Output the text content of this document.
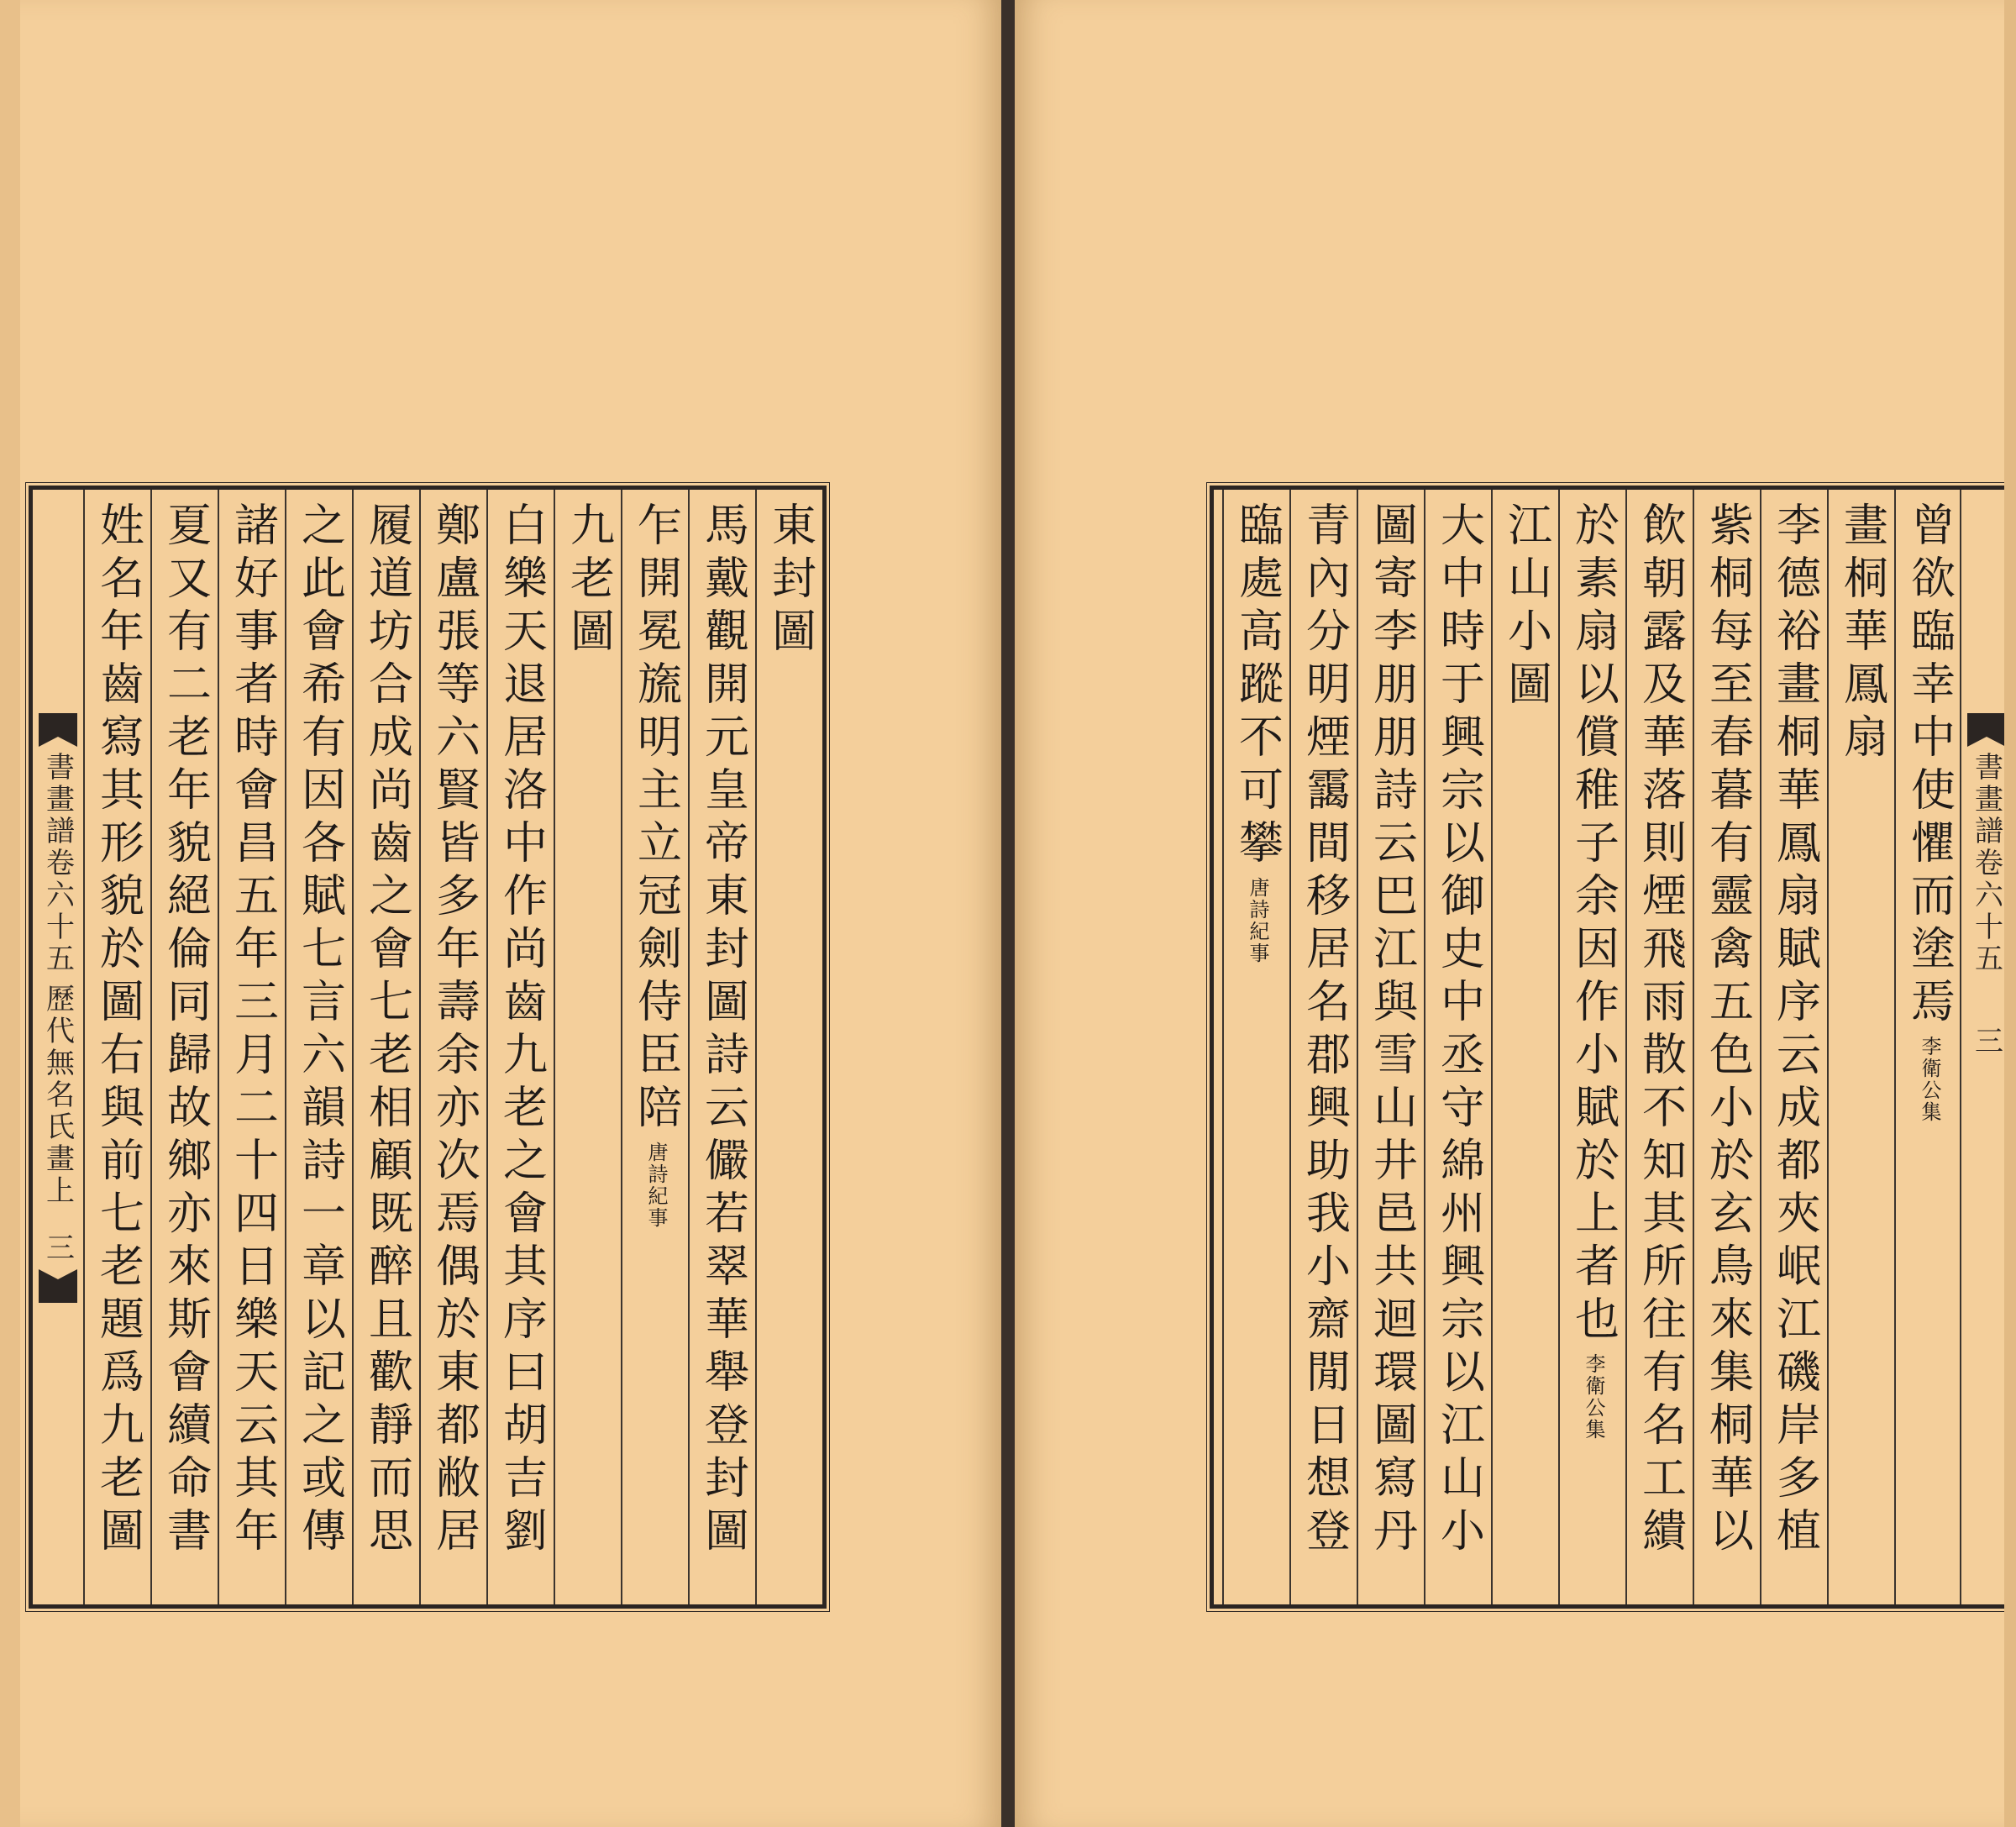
書畫譜卷六十五
歷代無名氏畫上
三
東封圖
馬戴觀開元皇帝東封圖詩云儼若翠華舉登封圖
乍開冕旒明主立冠劍侍臣陪
唐詩紀事
九老圖
白樂天退居洛中作尚齒九老之會其序曰胡吉劉
鄭盧張等六賢皆多年壽余亦次焉偶於東都敝居
履道坊合成尚齒之會七老相顧既醉且歡靜而思
之此會希有因各賦七言六韻詩一章以記之或傳
諸好事者時會昌五年三月二十四日樂天云其年
夏又有二老年貌絕倫同歸故鄉亦來斯會續命書
姓名年齒寫其形貌於圖右與前七老題爲九老圖	書畫譜卷六十五
三
曾欲臨幸中使懼而塗焉
李衛公集
畫桐華鳳扇
李德裕畫桐華鳳扇賦序云成都夾岷江磯岸多植
紫桐每至春暮有靈禽五色小於玄鳥來集桐華以
飲朝露及華落則煙飛雨散不知其所往有名工繢
於素扇以償稚子余因作小賦於上者也
李衛公集
江山小圖
大中時于興宗以御史中丞守綿州興宗以江山小
圖寄李朋朋詩云巴江與雪山井邑共迴環圖寫丹
青內分明煙靄間移居名郡興助我小齋閒日想登
臨處高蹤不可攀
唐詩紀事
